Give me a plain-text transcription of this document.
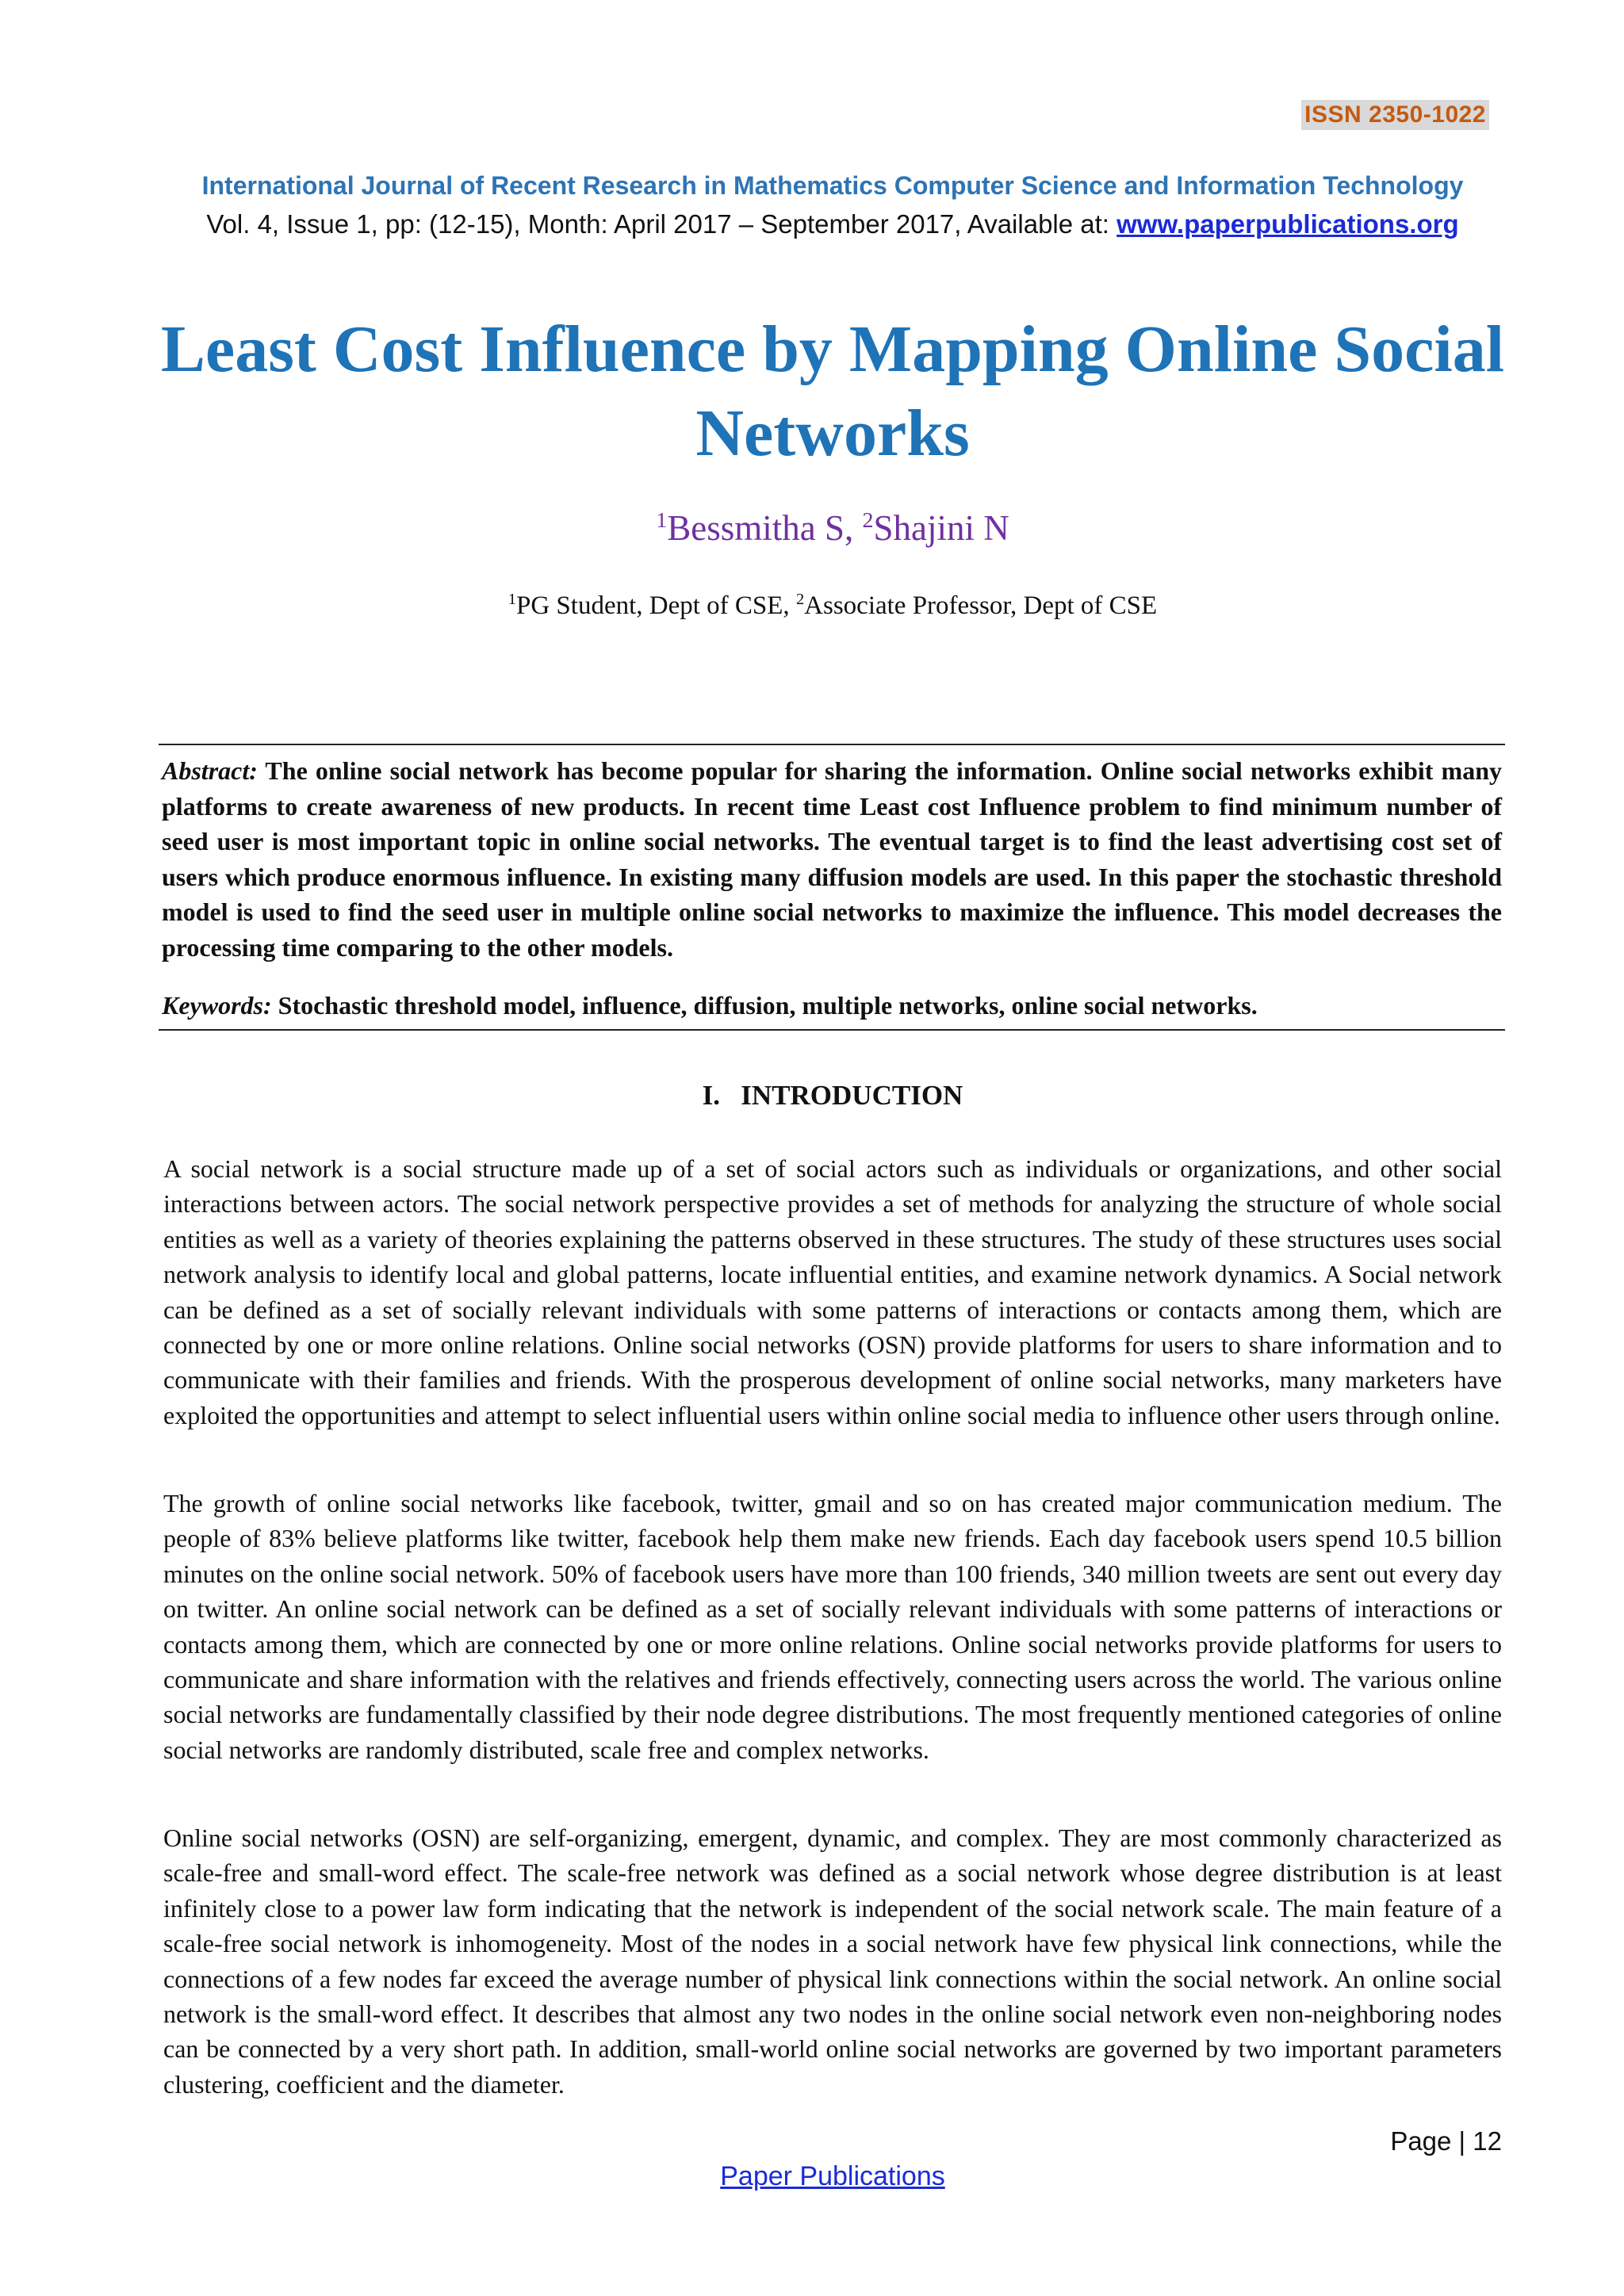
ISSN 2350-1022
International Journal of Recent Research in Mathematics Computer Science and Information Technology
Vol. 4, Issue 1, pp: (12-15), Month: April 2017 – September 2017, Available at: www.paperpublications.org
Least Cost Influence by Mapping Online Social Networks
$^1$Bessmitha S, $^2$Shajini N
$^1$PG Student, Dept of CSE, $^2$Associate Professor, Dept of CSE
Abstract: The online social network has become popular for sharing the information. Online social networks exhibit many platforms to create awareness of new products. In recent time Least cost Influence problem to find minimum number of seed user is most important topic in online social networks. The eventual target is to find the least advertising cost set of users which produce enormous influence. In existing many diffusion models are used. In this paper the stochastic threshold model is used to find the seed user in multiple online social networks to maximize the influence. This model decreases the processing time comparing to the other models.
Keywords: Stochastic threshold model, influence, diffusion, multiple networks, online social networks.
I.   INTRODUCTION
A social network is a social structure made up of a set of social actors such as individuals or organizations, and other social interactions between actors. The social network perspective provides a set of methods for analyzing the structure of whole social entities as well as a variety of theories explaining the patterns observed in these structures. The study of these structures uses social network analysis to identify local and global patterns, locate influential entities, and examine network dynamics. A Social network can be defined as a set of socially relevant individuals with some patterns of interactions or contacts among them, which are connected by one or more online relations. Online social networks (OSN) provide platforms for users to share information and to communicate with their families and friends. With the prosperous development of online social networks, many marketers have exploited the opportunities and attempt to select influential users within online social media to influence other users through online.
The growth of online social networks like facebook, twitter, gmail and so on has created major communication medium. The people of 83% believe platforms like twitter, facebook help them make new friends. Each day facebook users spend 10.5 billion minutes on the online social network. 50% of facebook users have more than 100 friends, 340 million tweets are sent out every day on twitter. An online social network can be defined as a set of socially relevant individuals with some patterns of interactions or contacts among them, which are connected by one or more online relations. Online social networks provide platforms for users to communicate and share information with the relatives and friends effectively, connecting users across the world. The various online social networks are fundamentally classified by their node degree distributions. The most frequently mentioned categories of online social networks are randomly distributed, scale free and complex networks.
Online social networks (OSN) are self-organizing, emergent, dynamic, and complex. They are most commonly characterized as scale-free and small-word effect. The scale-free network was defined as a social network whose degree distribution is at least infinitely close to a power law form indicating that the network is independent of the social network scale. The main feature of a scale-free social network is inhomogeneity. Most of the nodes in a social network have few physical link connections, while the connections of a few nodes far exceed the average number of physical link connections within the social network. An online social network is the small-word effect. It describes that almost any two nodes in the online social network even non-neighboring nodes can be connected by a very short path. In addition, small-world online social networks are governed by two important parameters clustering, coefficient and the diameter.
Page | 12
Paper Publications
